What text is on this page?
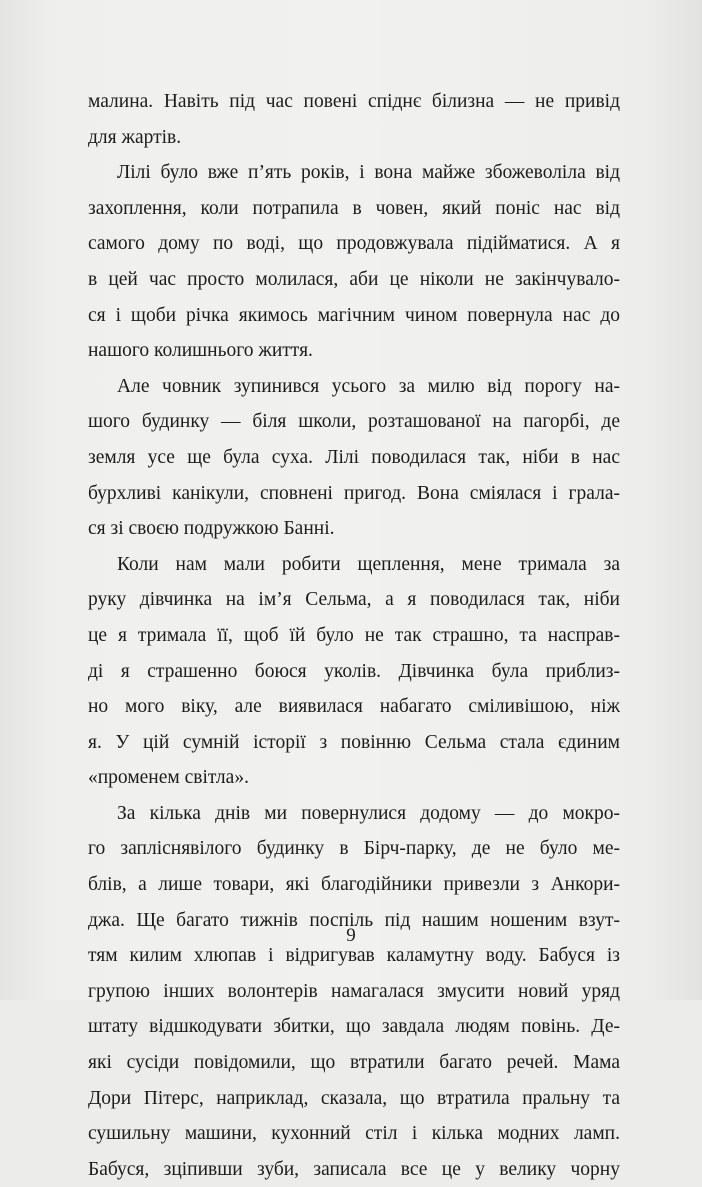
малина. Навіть під час повені спіднє білизна — не привід
для жартів.
Лілі було вже п’ять років, і вона майже збожеволіла від
захоплення, коли потрапила в човен, який поніс нас від
самого дому по воді, що продовжувала підійматися. А я
в цей час просто молилася, аби це ніколи не закінчувало-
ся і щоби річка якимось магічним чином повернула нас до
нашого колишнього життя.
Але човник зупинився усього за милю від порогу на-
шого будинку — біля школи, розташованої на пагорбі, де
земля усе ще була суха. Лілі поводилася так, ніби в нас
бурхливі канікули, сповнені пригод. Вона сміялася і грала-
ся зі своєю подружкою Банні.
Коли нам мали робити щеплення, мене тримала за
руку дівчинка на ім’я Сельма, а я поводилася так, ніби
це я тримала її, щоб їй було не так страшно, та насправ-
ді я страшенно боюся уколів. Дівчинка була приблиз-
но мого віку, але виявилася набагато сміливішою, ніж
я. У цій сумній історії з повінню Сельма стала єдиним
«променем світла».
За кілька днів ми повернулися додому — до мокро-
го запліснявілого будинку в Бірч-парку, де не було ме-
блів, а лише товари, які благодійники привезли з Анкори-
джа. Ще багато тижнів поспіль під нашим ношеним взут-
тям килим хлюпав і відригував каламутну воду. Бабуся із
групою інших волонтерів намагалася змусити новий уряд
штату відшкодувати збитки, що завдала людям повінь. Де-
які сусіди повідомили, що втратили багато речей. Мама
Дори Пітерс, наприклад, сказала, що втратила пральну та
сушильну машини, кухонний стіл і кілька модних ламп.
Бабуся, зціпивши зуби, записала все це у велику чорну
9
